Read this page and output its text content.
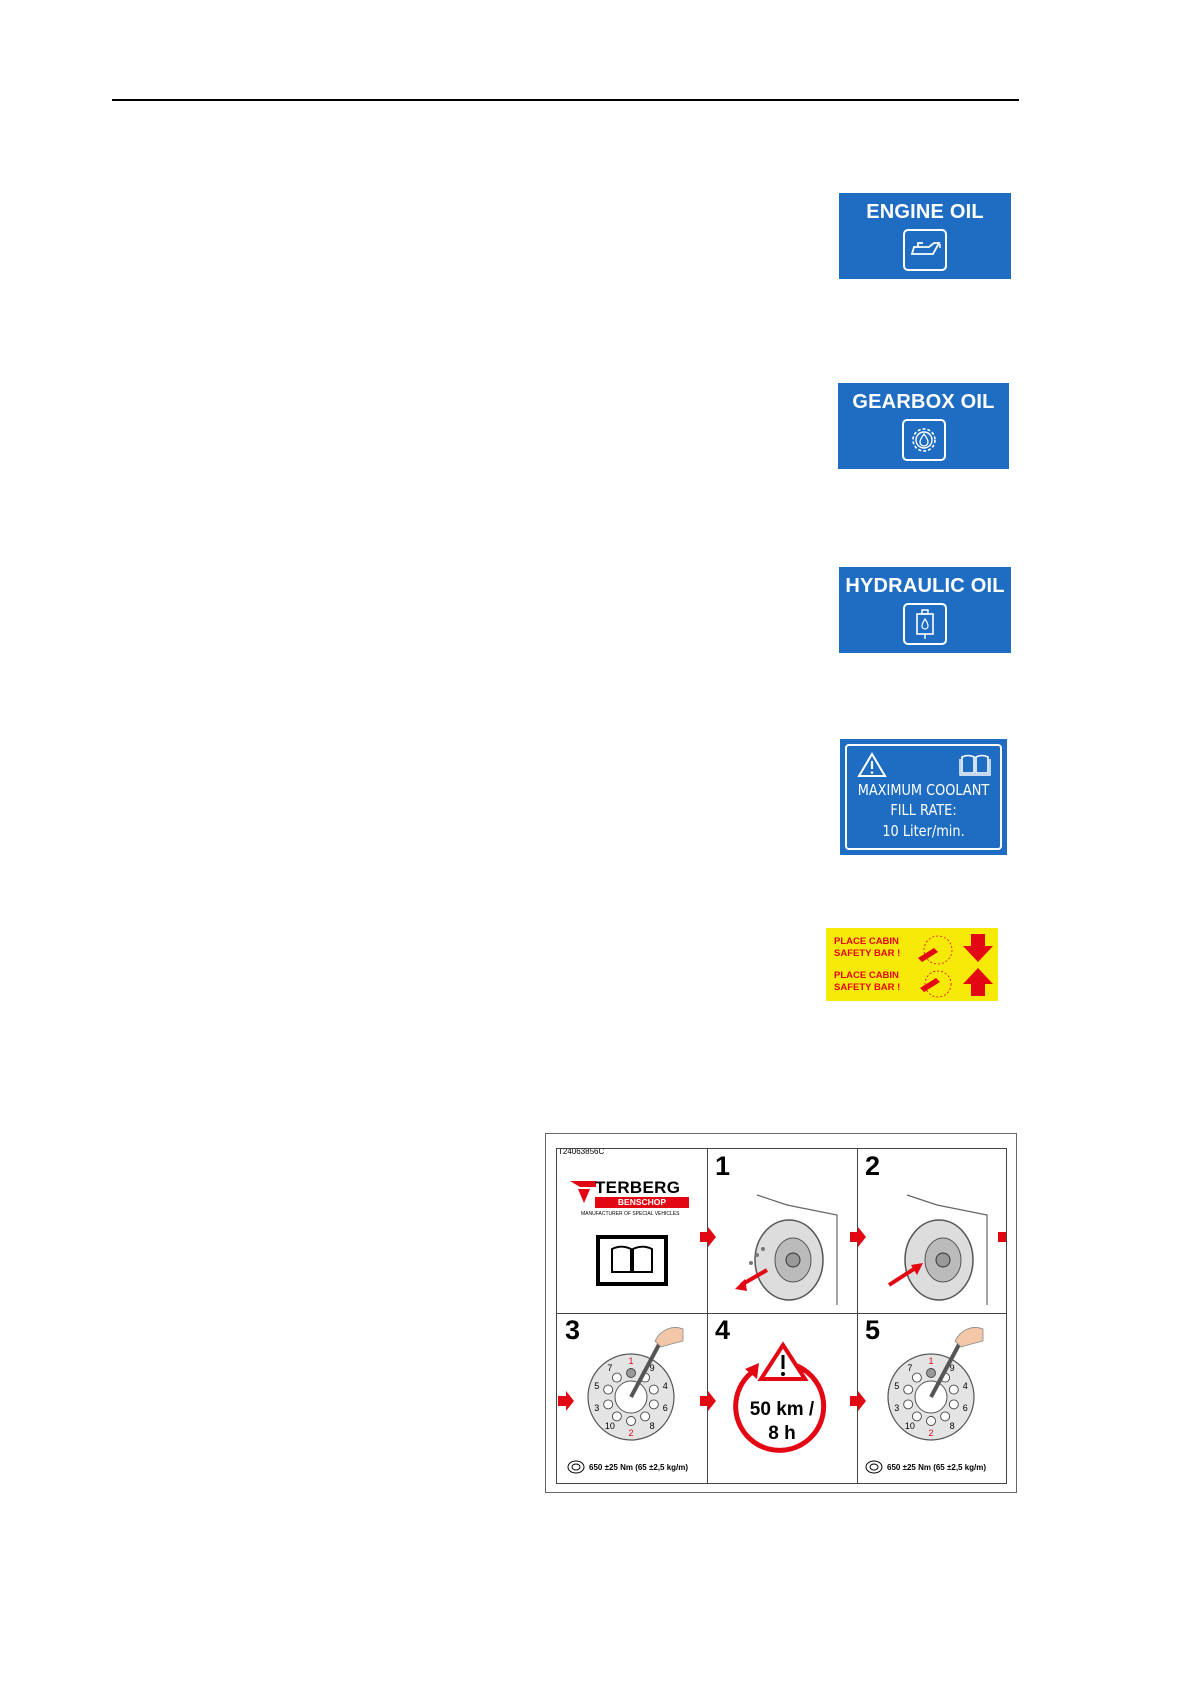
ENGINE OIL
GEARBOX OIL
HYDRAULIC OIL
MAXIMUM COOLANT
FILL RATE:
10 Liter/min.
PLACE CABIN
SAFETY BAR !
PLACE CABIN
SAFETY BAR !
T24063856C
TERBERG
BENSCHOP
MANUFACTURER OF SPECIAL VEHICLES
1	2
3
1
9
4
6
8
2
10
3
5
7
650 ±25 Nm (65 ±2,5 kg/m)
4
50 km /
8 h
5
1
9
4
6
8
2
10
3
5
7
650 ±25 Nm (65 ±2,5 kg/m)
